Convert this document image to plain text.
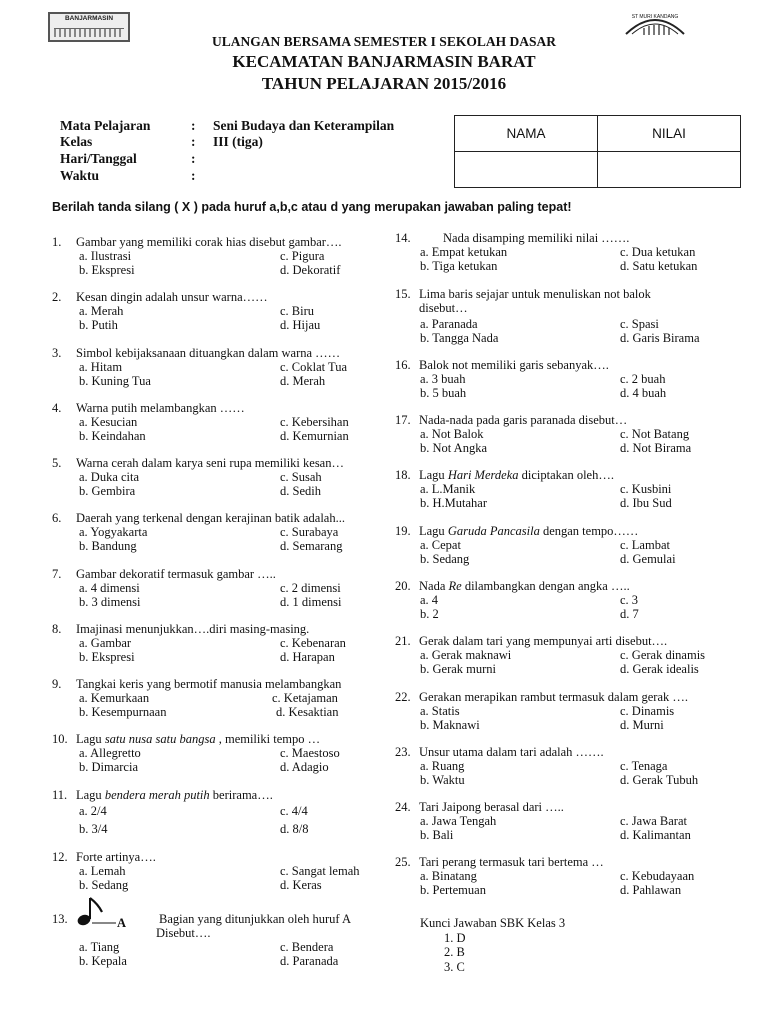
BANJARMASIN	ST MURI KANDANG
ULANGAN BERSAMA SEMESTER I SEKOLAH DASAR
KECAMATAN BANJARMASIN BARAT
TAHUN PELAJARAN 2015/2016
Mata Pelajaran	: Seni Budaya dan Keterampilan
Kelas	: III (tiga)
Hari/Tanggal	:
Waktu	:
NAMA	NILAI

Berilah tanda silang ( X ) pada huruf a,b,c atau d yang merupakan jawaban paling tepat!
1. Gambar yang memiliki corak hias disebut gambar….
a. Ilustrasi	c. Pigura
b. Ekspresi	d. Dekoratif
2. Kesan dingin adalah unsur warna……
a. Merah	c. Biru
b. Putih	d. Hijau
3. Simbol kebijaksanaan dituangkan dalam warna ……
a. Hitam	c. Coklat Tua
b. Kuning Tua	d. Merah
4. Warna putih melambangkan ……
a. Kesucian	c. Kebersihan
b. Keindahan	d. Kemurnian
5. Warna cerah dalam karya seni rupa memiliki kesan…
a. Duka cita	c. Susah
b. Gembira	d. Sedih
6. Daerah yang terkenal dengan kerajinan batik adalah...
a. Yogyakarta	c. Surabaya
b. Bandung	d. Semarang
7. Gambar dekoratif termasuk gambar …..
a. 4 dimensi	c. 2 dimensi
b. 3 dimensi	d. 1 dimensi
8. Imajinasi menunjukkan….diri masing-masing.
a. Gambar	c. Kebenaran
b. Ekspresi	d. Harapan
9. Tangkai keris yang bermotif manusia melambangkan
a. Kemurkaan	c. Ketajaman
b. Kesempurnaan	d. Kesaktian
10. Lagu satu nusa satu bangsa , memiliki tempo …
a. Allegretto	c. Maestoso
b. Dimarcia	d. Adagio
11. Lagu bendera merah putih berirama….
a. 2/4	c. 4/4
b. 3/4	d. 8/8
12. Forte artinya….
a. Lemah	c. Sangat lemah
b. Sedang	d. Keras
13.	A	Bagian yang ditunjukkan oleh huruf A
Disebut….
a. Tiang	c. Bendera
b. Kepala	d. Paranada
14.	Nada disamping memiliki nilai …….
a. Empat ketukan	c. Dua ketukan
b. Tiga ketukan	d. Satu ketukan
15. Lima baris sejajar untuk menuliskan not balok
disebut…
a. Paranada	c. Spasi
b. Tangga Nada	d. Garis Birama
16. Balok not memiliki garis sebanyak….
a. 3 buah	c. 2 buah
b. 5 buah	d. 4 buah
17. Nada-nada pada garis paranada disebut…
a. Not Balok	c. Not Batang
b. Not Angka	d. Not Birama
18. Lagu Hari Merdeka diciptakan oleh….
a. L.Manik	c. Kusbini
b. H.Mutahar	d. Ibu Sud
19. Lagu Garuda Pancasila dengan tempo……
a. Cepat	c. Lambat
b. Sedang	d. Gemulai
20. Nada Re dilambangkan dengan angka …..
a. 4	c. 3
b. 2	d. 7
21. Gerak dalam tari yang mempunyai arti disebut….
a. Gerak maknawi	c. Gerak dinamis
b. Gerak murni	d. Gerak idealis
22. Gerakan merapikan rambut termasuk dalam gerak ….
a. Statis	c. Dinamis
b. Maknawi	d. Murni
23. Unsur utama dalam tari adalah …….
a. Ruang	c. Tenaga
b. Waktu	d. Gerak Tubuh
24. Tari Jaipong berasal dari …..
a. Jawa Tengah	c. Jawa Barat
b. Bali	d. Kalimantan
25. Tari perang termasuk tari bertema …
a. Binatang	c. Kebudayaan
b. Pertemuan	d. Pahlawan
Kunci Jawaban SBK Kelas 3
1. D
2. B
3. C
